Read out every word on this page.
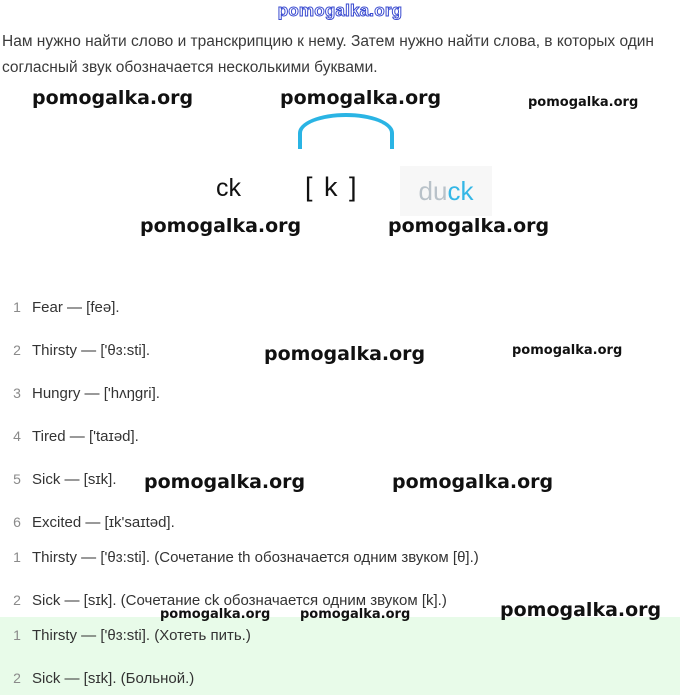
pomogalka.org
Нам нужно найти слово и транскрипцию к нему. Затем нужно найти слова, в которых один согласный звук обозначается несколькими буквами.
ck [ k ]	duck
1 Fear — [feə].
2 Thirsty — ['θɜ:sti].
3 Hungry — ['hʌŋgri].
4 Tired — ['taɪəd].
5 Sick — [sɪk].
6 Excited — [ɪk'saɪtəd].
1 Thirsty — ['θɜ:sti]. (Сочетание th обозначается одним звуком [θ].)
2 Sick — [sɪk]. (Сочетание ck обозначается одним звуком [k].)
1 Thirsty — ['θɜ:sti]. (Хотеть пить.)
2 Sick — [sɪk]. (Больной.)
pomogalka.org	pomogalka.org	pomogalka.org
pomogalka.org	pomogalka.org
pomogalka.org	pomogalka.org
pomogalka.org	pomogalka.org
pomogalka.org pomogalka.org	pomogalka.org
